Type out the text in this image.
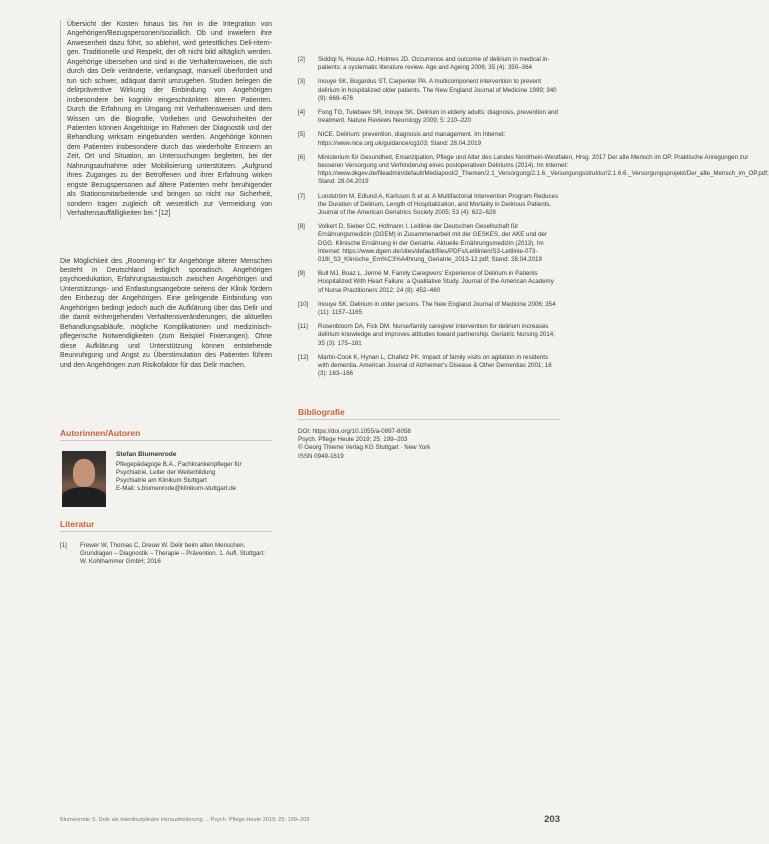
Übersicht der Kosten hinaus bis hin in die Integration von Angehörigen/Bezugspersonen/soziallich. Ob und inwiefern ihre Anwesenheit dazu führt, so ablehnt, wird getesttliches Deli-riterrigen. Traditionelle und Respekt, der oft nicht bild alltäglich werden. Angehörige übersehen und sind in die Verhaltensweisen, die sich durch das Delir veränderte, verlangsagt, manuell überfordert und tun sich schwer, adäquat damit umzugehen. Studien belegen die delirpräventive Wirkung der Einbindung von Angehörigen insbesondere bei kognitiv eingeschränkten älteren Patienten. Durch die Erfahrung im Umgang mit Verhaltensweisen und dem Wissen um die Biografie, Vorlieben und Gewohnheiten der Patienten können Angehörige im Rahmen der Diagnostik und der Behandlung wirksam eingebunden werden. Angehörige können dem Patienten insbesondere durch das wiederholte Erinnern an Zeit, Ort und Situation, an Untersuchungen begleiten, bei der Nahrungsaufnahme oder Mobilisierung unterstützen. „Aufgrund ihres Zuganges zu der Betroffenen und ihrer Erfahrung wirken engste Bezugspersonen auf ältere Patienten mehr beruhigender als Stationsmitarbeitende und bringen so nicht nur Sicherheit, sondern tragen zugleich oft wesentlich zur Vermeidung von Verhaltensauffälligkeiten bei.“ [12]

Die Möglichkeit des „Rooming-in“ für Angehörige älterer Menschen besteht in Deutschland lediglich sporadisch. Angehörigen psychoedukation, Erfahrungsaustausch zwischen Angehörigen und Unterstützungs- und Entlastungsangebote seitens der Klinik fördern den Einbezug der Angehörigen. Eine gelingende Einbindung von Angehörigen bedingt jedoch auch die Aufklärung über das Delir und die damit einhergehenden Verhaltensveränderungen, die aktuellen Behandlungsabläufe, mögliche Komplikationen und medizinisch-pflegerische Notwendigkeiten (zum Beispiel Fixierungen). Ohne diese Aufklärung und Unterstützung können entstehende Beunruhigung und Angst zu Überstimulation des Patienten führen und den Angehörigen zum Risikofaktor für das Delir machen.

Autorinnen/Autoren
Stefan Blumenrode
Pflegepädagoge B.A., Fachkrankenpfleger für
Psychiatrie, Leiter der Weiterbildung
Psychiatrie am Klinikum Stuttgart
E-Mail: s.blumenrode@klinikum-stuttgart.de
Literatur
[1]	Frewer W, Thomas C, Dreuw W. Delir beim alten Menschen. Grundlagen – Diagnostik – Therapie – Prävention. 1. Aufl. Stuttgart: W. Kohlhammer GmbH; 2016
[2]	Siddiqi N, House AO, Holmes JD. Occurrence and outcome of delirium in medical in-patients: a systematic literature review. Age and Ageing 2006; 35 (4): 350–364
[3]	Inouye SK, Bogardus ST, Carpenter PA. A multicomponent intervention to prevent delirium in hospitalized older patients. The New England Journal of Medicine 1999; 340 (9): 669–676
[4]	Fong TG, Tulebaev SR, Inouye SK. Delirium in elderly adults: diagnosis, prevention and treatment. Nature Reviews Neurology 2009; 5: 210–220
[5]	NICE. Delirium: prevention, diagnosis and management. Im Internet: https://www.nice.org.uk/guidance/cg103; Stand: 28.04.2019
[6]	Ministerium für Gesundheit, Emanzipation, Pflege und Alter des Landes Nordrhein-Westfalen, Hrsg. 2017 Der alte Mensch im OP. Praktische Anregungen zur besseren Versorgung und Verhinderung eines postoperativen Deliriums (2014). Im Internet: https://www.dkgev.de/fileadmin/default/Mediapool/2_Themen/2.1_Versorgung/2.1.6._Versorgungsstruktur/2.1.6.6._Versorgungsprojekt/Der_alte_Mensch_im_OP.pdf; Stand: 28.04.2019
[7]	Lundström M, Edlund A, Karlsson S et al. A Multifactorial Intervention Program Reduces the Duration of Delirium, Length of Hospitalization, and Mortality in Delirious Patients. Journal of the American Geriatrics Society 2005; 53 (4): 622–628
[8]	Volkert D, Sieber CC, Hofmann I. Leitlinie der Deutschen Gesellschaft für Ernährungsmedizin (DGEM) in Zusammenarbeit mit der GESKES, der AKE und der DGG. Klinische Ernährung in der Geriatrie. Aktuelle Ernährungsmedizin (2013). Im Internet: https://www.dgem.de/sites/default/files/PDFs/Leitlinien/S3-Leitlinie-073-019l_S3_Klinische_Ern%C3%A4hrung_Geriatrie_2013-12.pdf; Stand: 28.04.2019
[9]	Bull MJ, Boaz L, Jermé M. Family Caregivers' Experience of Delirium in Patients Hospitalized With Heart Failure: a Qualitative Study. Journal of the American Academy of Nurse Practitioners 2012; 24 (8): 452–460
[10]	Inouye SK. Delirium in older persons. The New England Journal of Medicine 2006; 354 (11): 1157–1165
[11]	Rosenbloom DA, Fick DM. Nurse/family caregiver intervention for delirium increases delirium knowledge and improves attitudes toward partnership. Geriatric Nursing 2014; 35 (3): 175–181
[12]	Martin-Cook K, Hynan L, Chafetz PK. Impact of family visits on agitation in residents with dementia. American Journal of Alzheimer's Disease & Other Dementias 2001; 16 (3): 163–166
Bibliografie
DOI: https://doi.org/10.1055/a-0997-8058
Psych. Pflege Heute 2019; 25: 199–203
© Georg Thieme Verlag KG Stuttgart · New York
ISSN 0949-1619
Blumenrode S. Delir als interdisziplinäre Herausforderung ... Psych. Pflege Heute 2019; 25: 199–203	203
